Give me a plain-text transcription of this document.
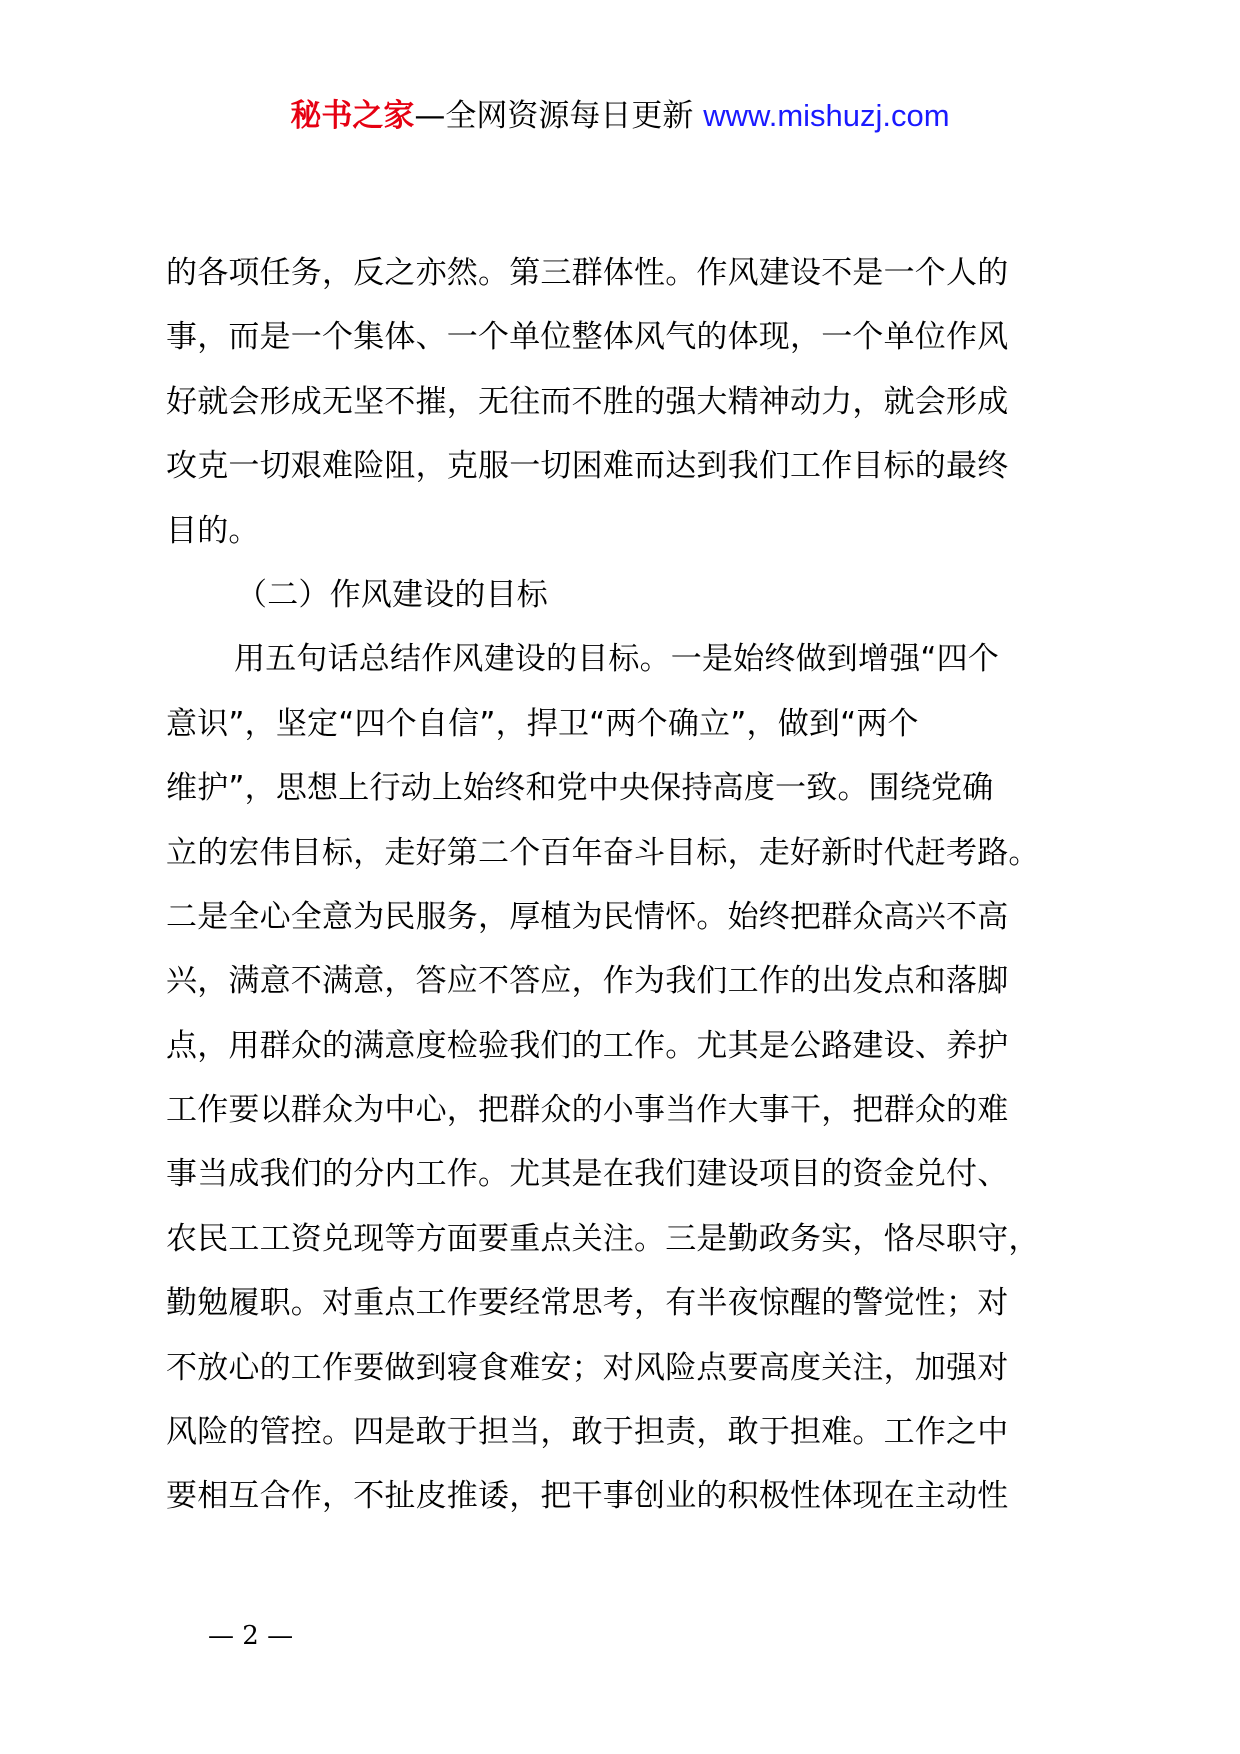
秘书之家—全网资源每日更新 www.mishuzj.com
的各项任务，反之亦然。第三群体性。作风建设不是一个人的
事，而是一个集体、一个单位整体风气的体现，一个单位作风
好就会形成无坚不摧，无往而不胜的强大精神动力，就会形成
攻克一切艰难险阻，克服一切困难而达到我们工作目标的最终
目的。
（二）作风建设的目标
用五句话总结作风建设的目标。一是始终做到增强“四个
意识”，坚定“四个自信”，捍卫“两个确立”，做到“两个
维护”，思想上行动上始终和党中央保持高度一致。围绕党确
立的宏伟目标，走好第二个百年奋斗目标，走好新时代赶考路。
二是全心全意为民服务，厚植为民情怀。始终把群众高兴不高
兴，满意不满意，答应不答应，作为我们工作的出发点和落脚
点，用群众的满意度检验我们的工作。尤其是公路建设、养护
工作要以群众为中心，把群众的小事当作大事干，把群众的难
事当成我们的分内工作。尤其是在我们建设项目的资金兑付、
农民工工资兑现等方面要重点关注。三是勤政务实，恪尽职守，
勤勉履职。对重点工作要经常思考，有半夜惊醒的警觉性；对
不放心的工作要做到寝食难安；对风险点要高度关注，加强对
风险的管控。四是敢于担当，敢于担责，敢于担难。工作之中
要相互合作，不扯皮推诿，把干事创业的积极性体现在主动性
— 2 —
